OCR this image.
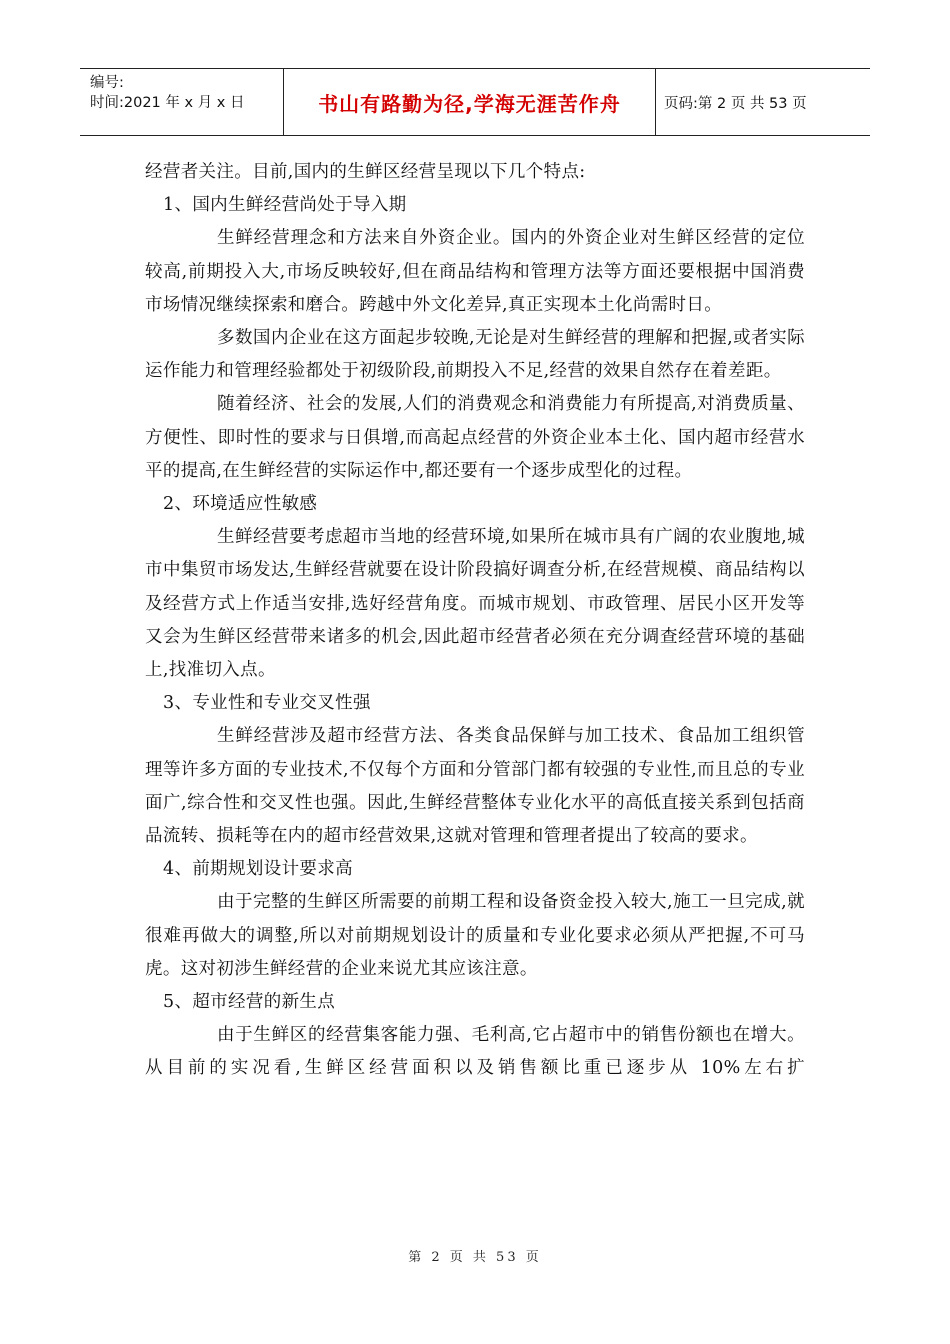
编号:
时间:2021 年 x 月 x 日	书山有路勤为径,学海无涯苦作舟	页码:第 2 页 共 53 页

经营者关注。目前,国内的生鲜区经营呈现以下几个特点:

1、国内生鲜经营尚处于导入期

生鲜经营理念和方法来自外资企业。国内的外资企业对生鲜区经营的定位较高,前期投入大,市场反映较好,但在商品结构和管理方法等方面还要根据中国消费市场情况继续探索和磨合。跨越中外文化差异,真正实现本土化尚需时日。

多数国内企业在这方面起步较晚,无论是对生鲜经营的理解和把握,或者实际运作能力和管理经验都处于初级阶段,前期投入不足,经营的效果自然存在着差距。

随着经济、社会的发展,人们的消费观念和消费能力有所提高,对消费质量、方便性、即时性的要求与日俱增,而高起点经营的外资企业本土化、国内超市经营水平的提高,在生鲜经营的实际运作中,都还要有一个逐步成型化的过程。

2、环境适应性敏感

生鲜经营要考虑超市当地的经营环境,如果所在城市具有广阔的农业腹地,城市中集贸市场发达,生鲜经营就要在设计阶段搞好调查分析,在经营规模、商品结构以及经营方式上作适当安排,选好经营角度。而城市规划、市政管理、居民小区开发等又会为生鲜区经营带来诸多的机会,因此超市经营者必须在充分调查经营环境的基础上,找准切入点。

3、专业性和专业交叉性强

生鲜经营涉及超市经营方法、各类食品保鲜与加工技术、食品加工组织管理等许多方面的专业技术,不仅每个方面和分管部门都有较强的专业性,而且总的专业面广,综合性和交叉性也强。因此,生鲜经营整体专业化水平的高低直接关系到包括商品流转、损耗等在内的超市经营效果,这就对管理和管理者提出了较高的要求。

4、前期规划设计要求高

由于完整的生鲜区所需要的前期工程和设备资金投入较大,施工一旦完成,就很难再做大的调整,所以对前期规划设计的质量和专业化要求必须从严把握,不可马虎。这对初涉生鲜经营的企业来说尤其应该注意。

5、超市经营的新生点

由于生鲜区的经营集客能力强、毛利高,它占超市中的销售份额也在增大。从目前的实况看,生鲜区经营面积以及销售额比重已逐步从 10%左右扩

第 2 页 共 53 页
